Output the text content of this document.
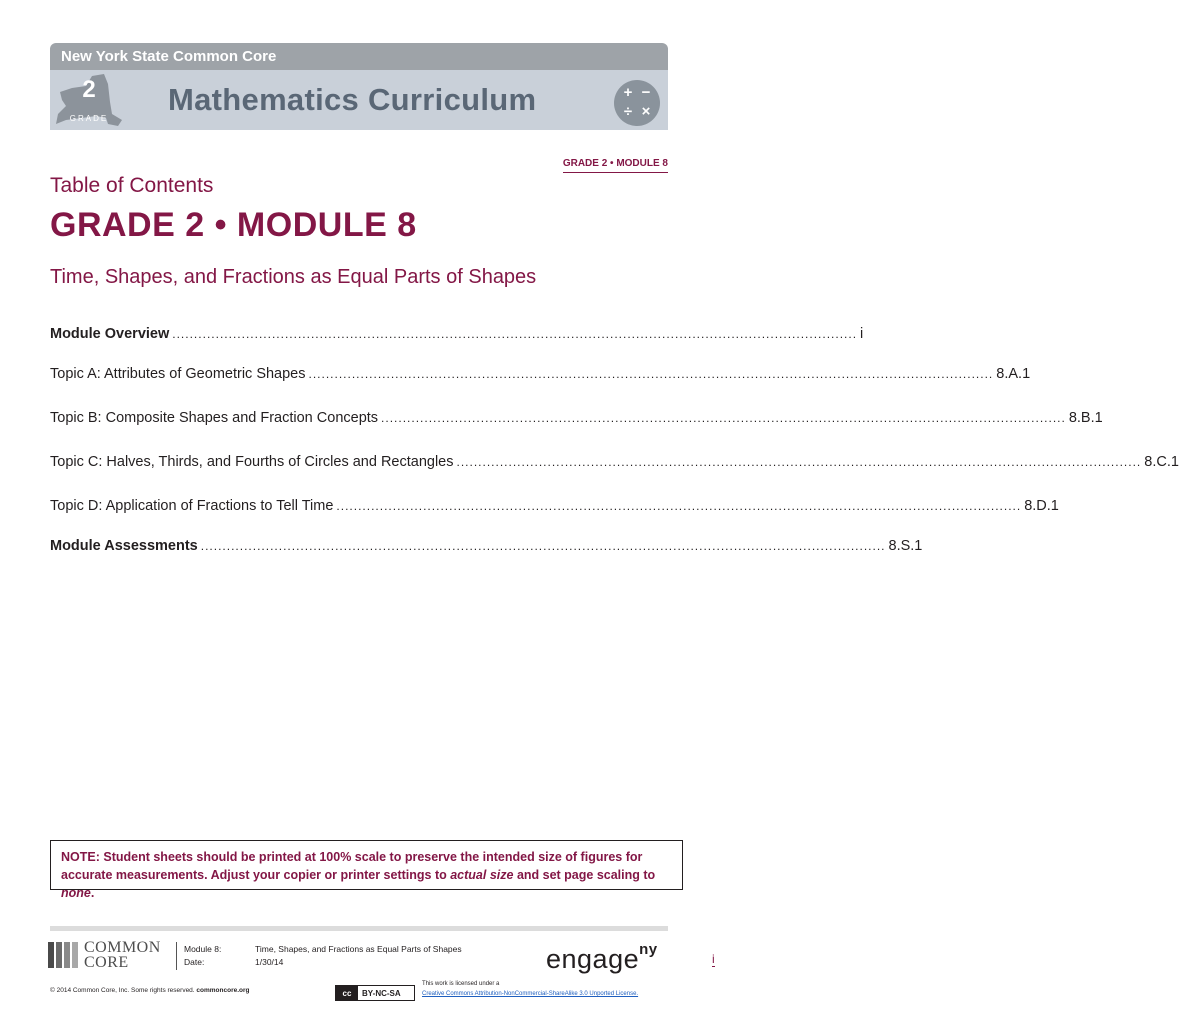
New York State Common Core
2
GRADE
Mathematics Curriculum	+ −
÷ ×
GRADE 2 • MODULE 8
Table of Contents
GRADE 2 • MODULE 8
Time, Shapes, and Fractions as Equal Parts of Shapes
Module Overview .............................................................................................................................................................. i
Topic A: Attributes of Geometric Shapes .............................................................................................................................................................. 8.A.1
Topic B: Composite Shapes and Fraction Concepts .............................................................................................................................................................. 8.B.1
Topic C: Halves, Thirds, and Fourths of Circles and Rectangles .............................................................................................................................................................. 8.C.1
Topic D: Application of Fractions to Tell Time .............................................................................................................................................................. 8.D.1
Module Assessments .............................................................................................................................................................. 8.S.1
NOTE: Student sheets should be printed at 100% scale to preserve the intended size of figures for accurate measurements. Adjust your copier or printer settings to actual size and set page scaling to none.
COMMON
CORE
Module 8:	Time, Shapes, and Fractions as Equal Parts of Shapes
Date:	1/30/14	engage$^{ny}$
i
© 2014 Common Core, Inc. Some rights reserved. commoncore.org	cc	BY-NC-SA
This work is licensed under a
Creative Commons Attribution-NonCommercial-ShareAlike 3.0 Unported License.
